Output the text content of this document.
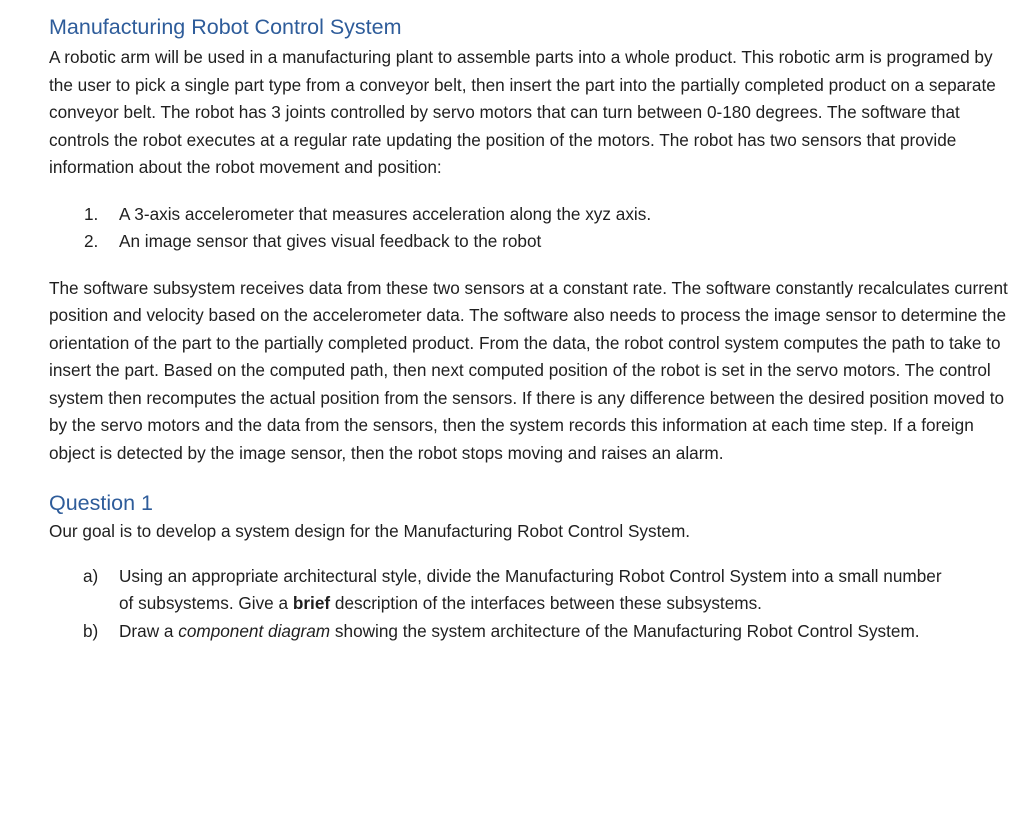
Manufacturing Robot Control System

A robotic arm will be used in a manufacturing plant to assemble parts into a whole product. This robotic arm is programed by the user to pick a single part type from a conveyor belt, then insert the part into the partially completed product on a separate conveyor belt. The robot has 3 joints controlled by servo motors that can turn between 0-180 degrees. The software that controls the robot executes at a regular rate updating the position of the motors. The robot has two sensors that provide information about the robot movement and position:

1. A 3-axis accelerometer that measures acceleration along the xyz axis.
2. An image sensor that gives visual feedback to the robot

The software subsystem receives data from these two sensors at a constant rate. The software constantly recalculates current position and velocity based on the accelerometer data. The software also needs to process the image sensor to determine the orientation of the part to the partially completed product. From the data, the robot control system computes the path to take to insert the part. Based on the computed path, then next computed position of the robot is set in the servo motors. The control system then recomputes the actual position from the sensors. If there is any difference between the desired position moved to by the servo motors and the data from the sensors, then the system records this information at each time step. If a foreign object is detected by the image sensor, then the robot stops moving and raises an alarm.

Question 1

Our goal is to develop a system design for the Manufacturing Robot Control System.

a) Using an appropriate architectural style, divide the Manufacturing Robot Control System into a small number of subsystems. Give a brief description of the interfaces between these subsystems.
b) Draw a component diagram showing the system architecture of the Manufacturing Robot Control System.
